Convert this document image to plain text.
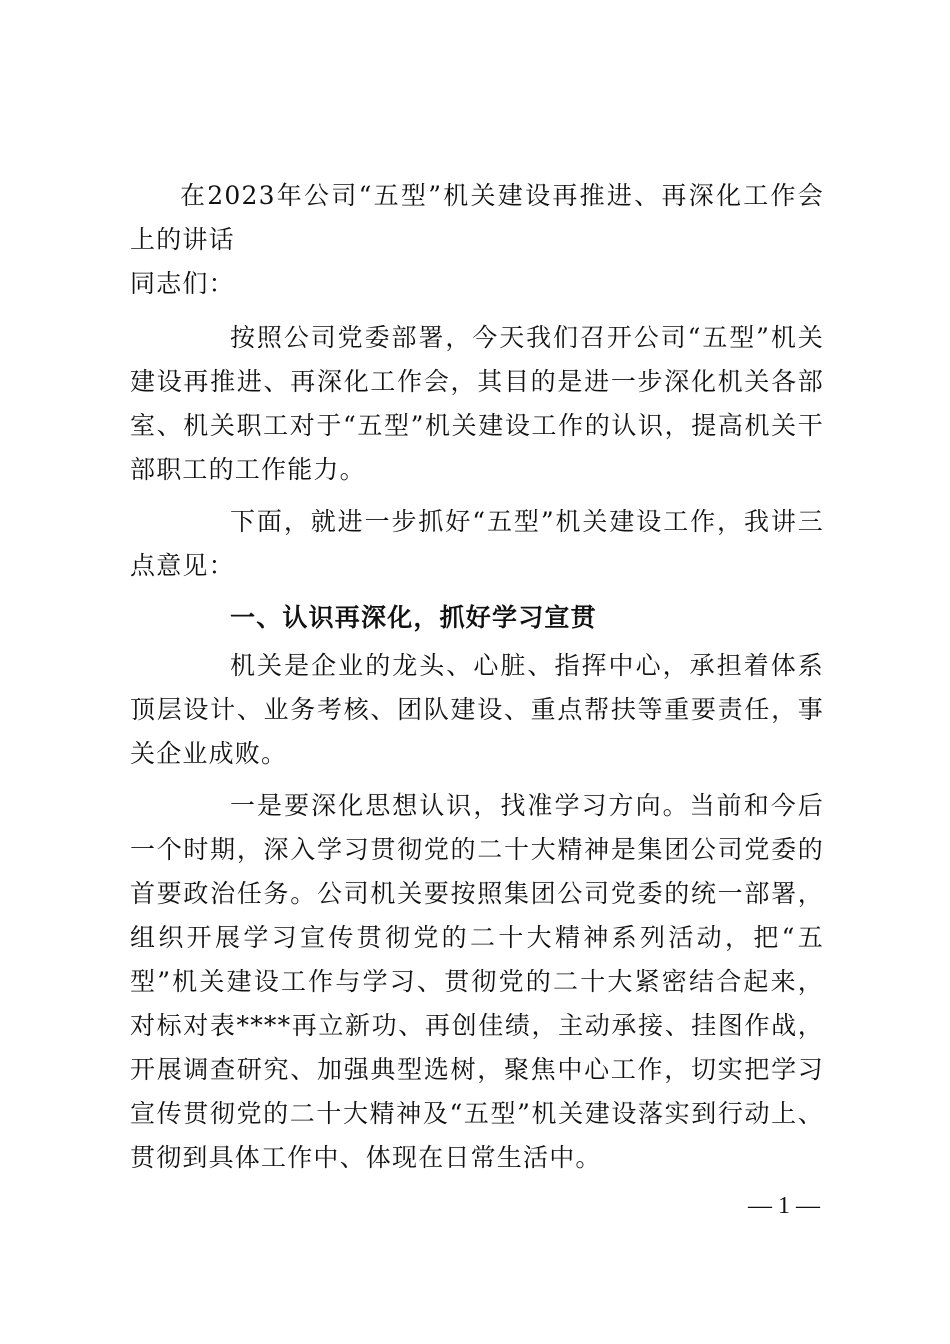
在2023年公司“五型”机关建设再推进、再深化工作会上的讲话

同志们：

按照公司党委部署，今天我们召开公司“五型”机关建设再推进、再深化工作会，其目的是进一步深化机关各部室、机关职工对于“五型”机关建设工作的认识，提高机关干部职工的工作能力。

下面，就进一步抓好“五型”机关建设工作，我讲三点意见：

一、认识再深化，抓好学习宣贯

机关是企业的龙头、心脏、指挥中心，承担着体系顶层设计、业务考核、团队建设、重点帮扶等重要责任，事关企业成败。

一是要深化思想认识，找准学习方向。当前和今后一个时期，深入学习贯彻党的二十大精神是集团公司党委的首要政治任务。公司机关要按照集团公司党委的统一部署，组织开展学习宣传贯彻党的二十大精神系列活动，把“五型”机关建设工作与学习、贯彻党的二十大紧密结合起来，对标对表****再立新功、再创佳绩，主动承接、挂图作战，开展调查研究、加强典型选树，聚焦中心工作，切实把学习宣传贯彻党的二十大精神及“五型”机关建设落实到行动上、贯彻到具体工作中、体现在日常生活中。

— 1 —
